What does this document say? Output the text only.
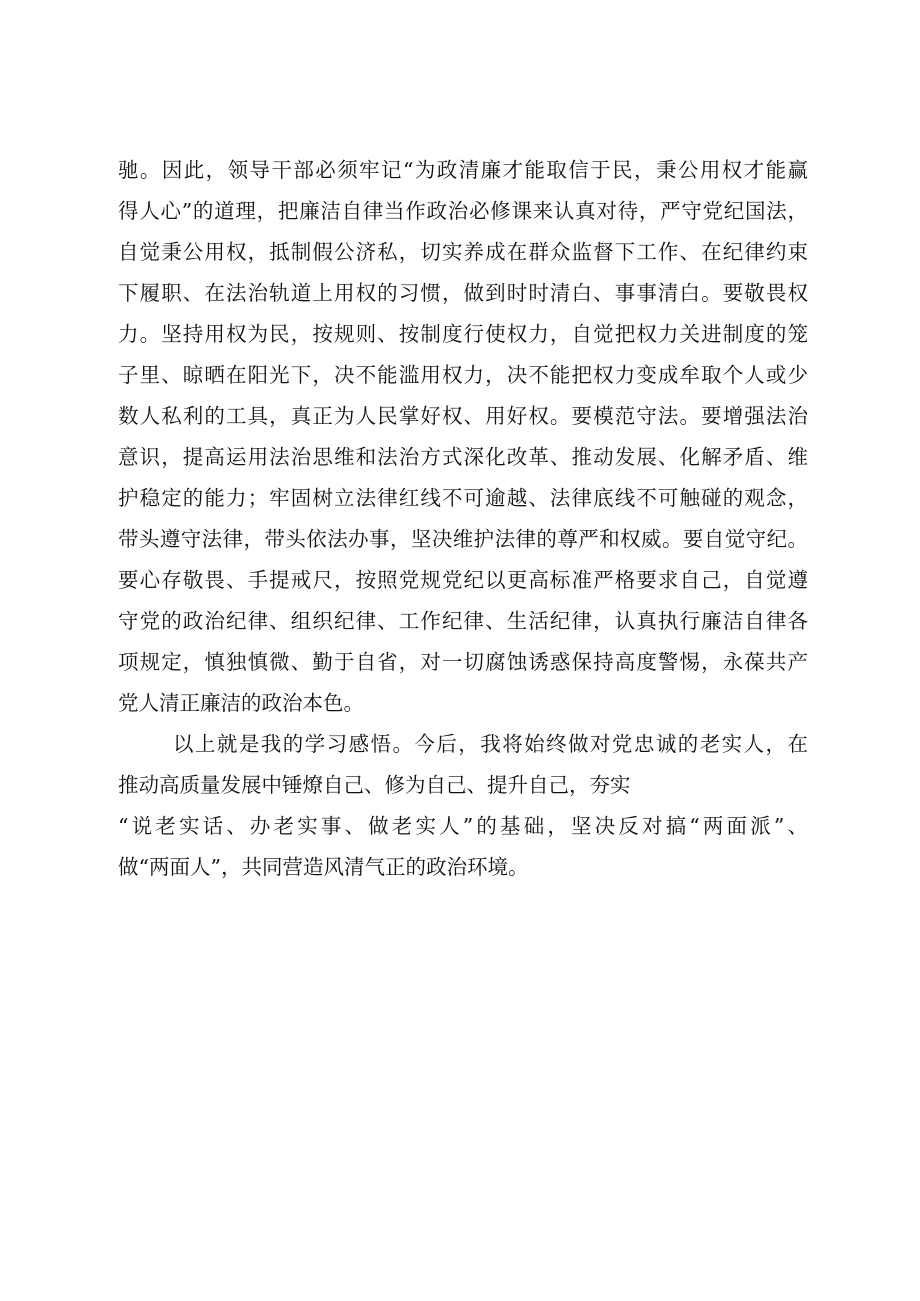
驰。因此，领导干部必须牢记“为政清廉才能取信于民，秉公用权才能赢
得人心”的道理，把廉洁自律当作政治必修课来认真对待，严守党纪国法，
自觉秉公用权，抵制假公济私，切实养成在群众监督下工作、在纪律约束
下履职、在法治轨道上用权的习惯，做到时时清白、事事清白。要敬畏权
力。坚持用权为民，按规则、按制度行使权力，自觉把权力关进制度的笼
子里、晾晒在阳光下，决不能滥用权力，决不能把权力变成牟取个人或少
数人私利的工具，真正为人民掌好权、用好权。要模范守法。要增强法治
意识，提高运用法治思维和法治方式深化改革、推动发展、化解矛盾、维
护稳定的能力；牢固树立法律红线不可逾越、法律底线不可触碰的观念，
带头遵守法律，带头依法办事，坚决维护法律的尊严和权威。要自觉守纪。
要心存敬畏、手提戒尺，按照党规党纪以更高标准严格要求自己，自觉遵
守党的政治纪律、组织纪律、工作纪律、生活纪律，认真执行廉洁自律各
项规定，慎独慎微、勤于自省，对一切腐蚀诱惑保持高度警惕，永葆共产
党人清正廉洁的政治本色。
以上就是我的学习感悟。今后，我将始终做对党忠诚的老实人，在
推动高质量发展中锤燎自己、修为自己、提升自己，夯实
“说老实话、办老实事、做老实人”的基础，坚决反对搞“两面派”、
做“两面人”，共同营造风清气正的政治环境。
